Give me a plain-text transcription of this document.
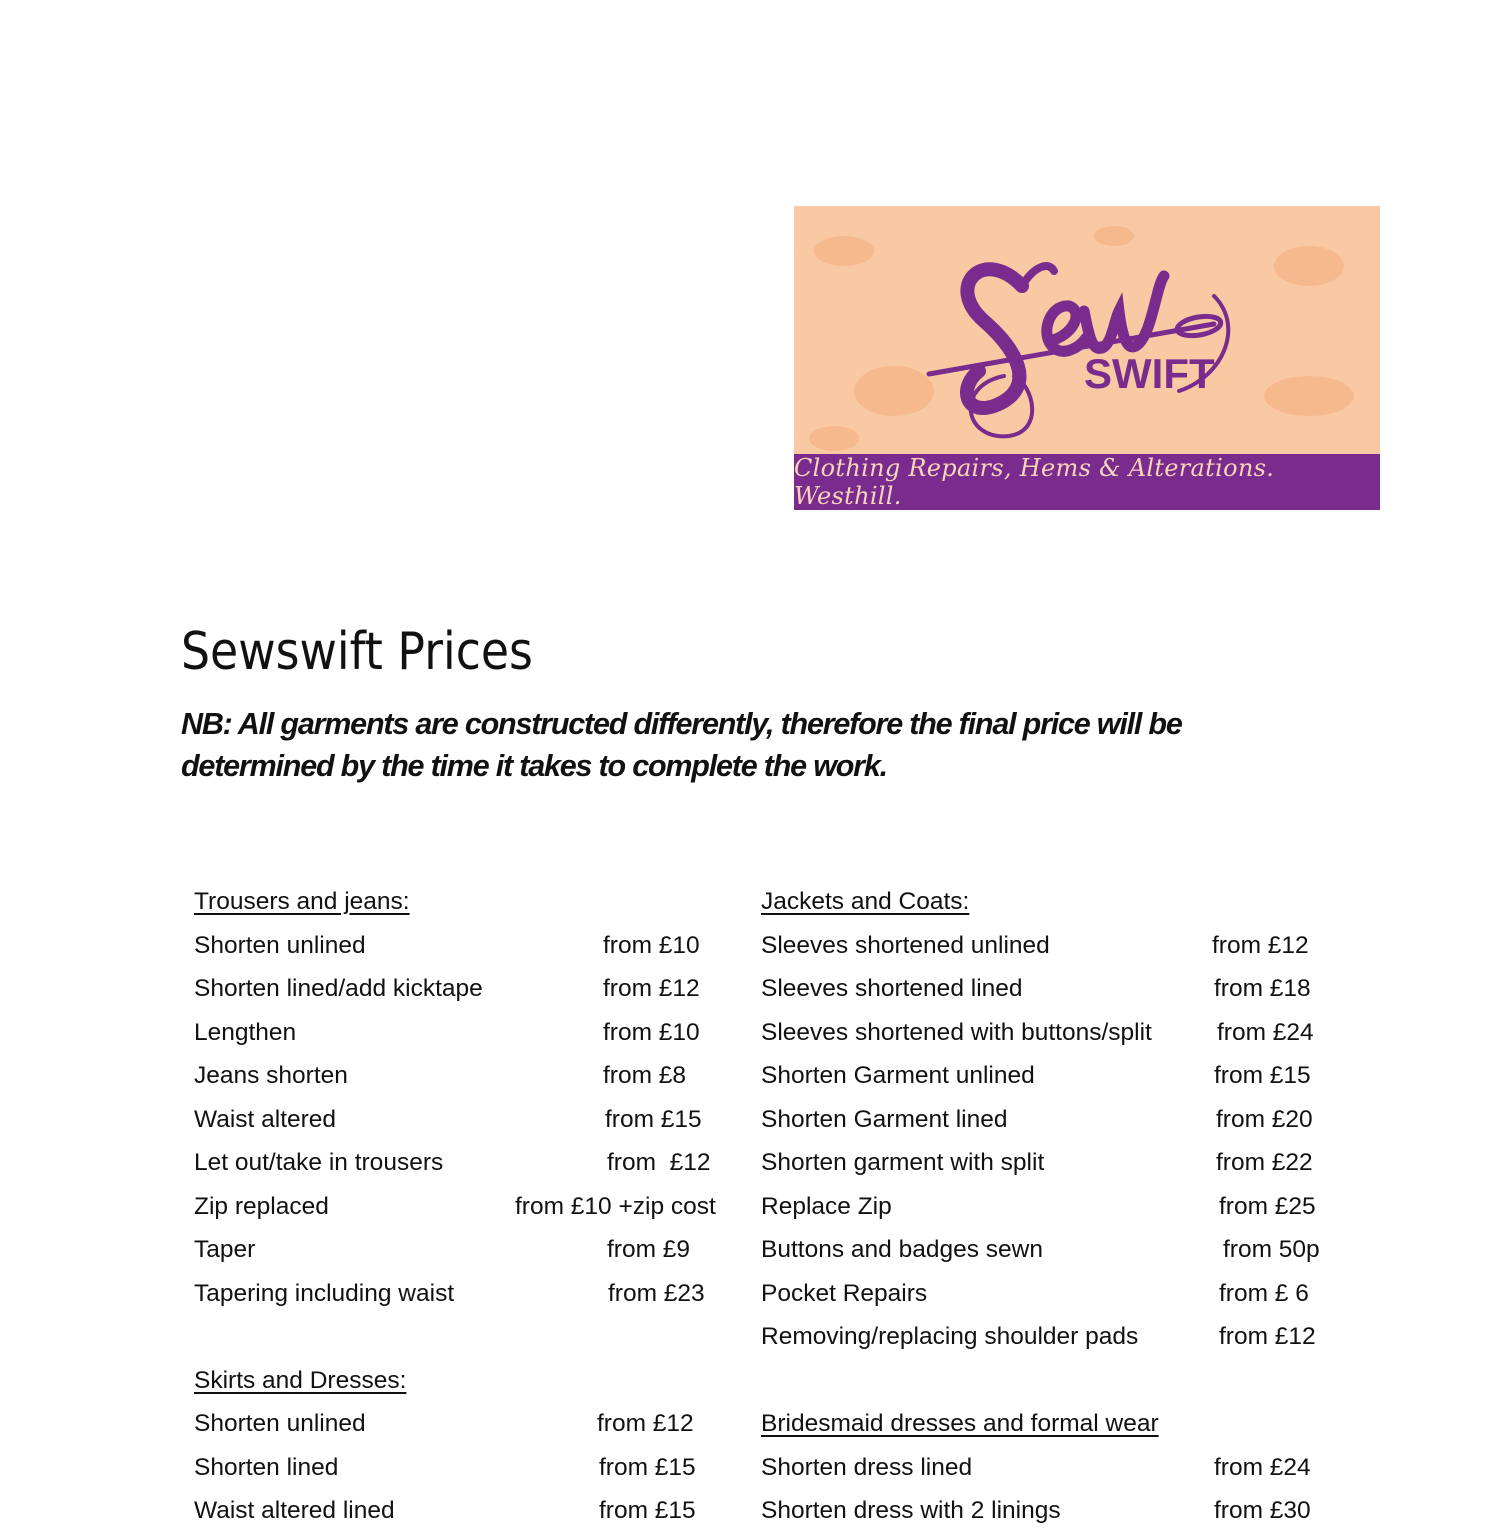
SWIFT
Clothing Repairs, Hems & Alterations. Westhill.
Sewswift Prices

NB: All garments are constructed differently, therefore the final price will be determined by the time it takes to complete the work.

Trousers and jeans:
Shorten unlined	from £10
Shorten lined/add kicktape	from £12
Lengthen	from £10
Jeans shorten	from £8
Waist altered	from £15
Let out/take in trousers	from  £12
Zip replaced	from £10 +zip cost
Taper	from £9
Tapering including waist	from £23
Skirts and Dresses:
Shorten unlined	from £12
Shorten lined	from £15
Waist altered lined	from £15
Jackets and Coats:
Sleeves shortened unlined	from £12
Sleeves shortened lined	from £18
Sleeves shortened with buttons/split	from £24
Shorten Garment unlined	from £15
Shorten Garment lined	from £20
Shorten garment with split	from £22
Replace Zip	from £25
Buttons and badges sewn	from 50p
Pocket Repairs	from £ 6
Removing/replacing shoulder pads	from £12
Bridesmaid dresses and formal wear
Shorten dress lined	from £24
Shorten dress with 2 linings	from £30
